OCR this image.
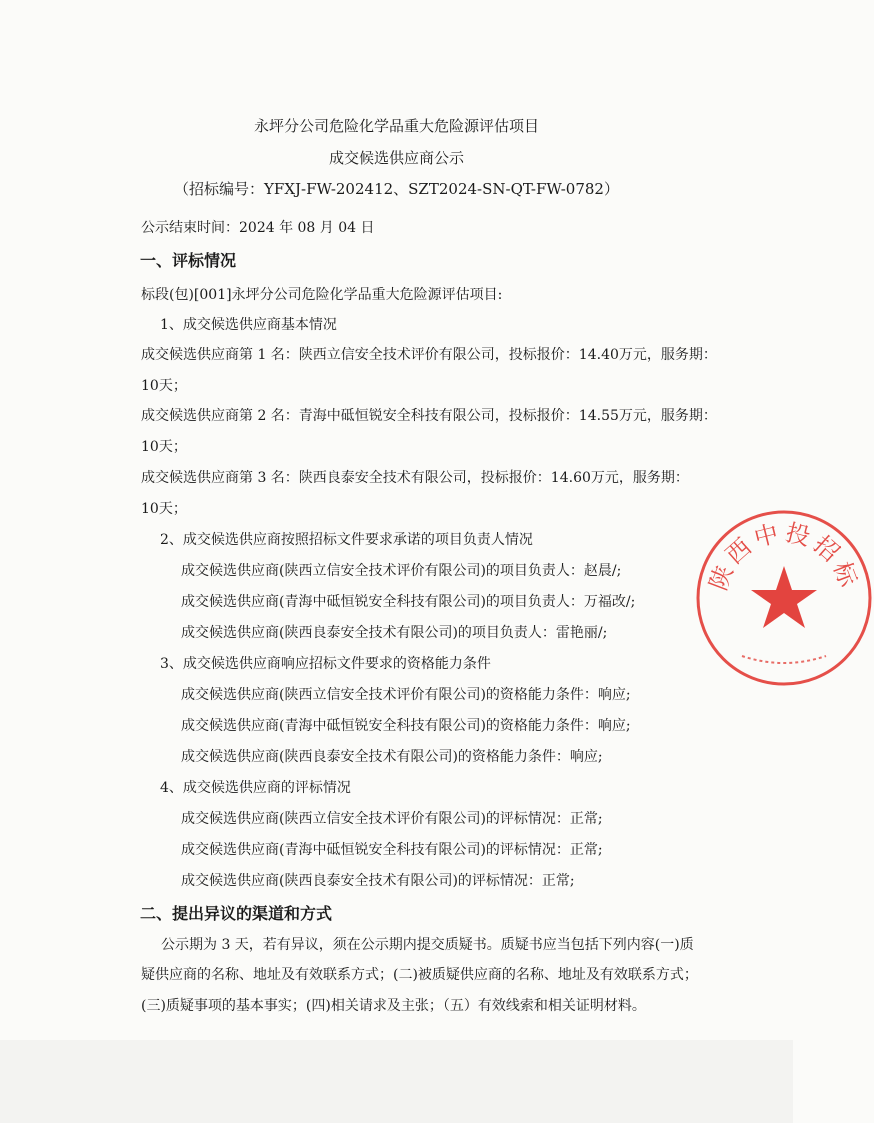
永坪分公司危险化学品重大危险源评估项目
成交候选供应商公示
（招标编号：YFXJ-FW-202412、SZT2024-SN-QT-FW-0782）
公示结束时间：2024 年 08 月 04 日
一、评标情况
标段(包)[001]永坪分公司危险化学品重大危险源评估项目:
1、成交候选供应商基本情况
成交候选供应商第 1 名：陕西立信安全技术评价有限公司，投标报价：14.40万元，服务期：
10天；
成交候选供应商第 2 名：青海中砥恒锐安全科技有限公司，投标报价：14.55万元，服务期：
10天；
成交候选供应商第 3 名：陕西良泰安全技术有限公司，投标报价：14.60万元，服务期：
10天；
2、成交候选供应商按照招标文件要求承诺的项目负责人情况
成交候选供应商(陕西立信安全技术评价有限公司)的项目负责人：赵晨/;
成交候选供应商(青海中砥恒锐安全科技有限公司)的项目负责人：万福改/;
成交候选供应商(陕西良泰安全技术有限公司)的项目负责人：雷艳丽/;
3、成交候选供应商响应招标文件要求的资格能力条件
成交候选供应商(陕西立信安全技术评价有限公司)的资格能力条件：响应;
成交候选供应商(青海中砥恒锐安全科技有限公司)的资格能力条件：响应;
成交候选供应商(陕西良泰安全技术有限公司)的资格能力条件：响应;
4、成交候选供应商的评标情况
成交候选供应商(陕西立信安全技术评价有限公司)的评标情况：正常;
成交候选供应商(青海中砥恒锐安全科技有限公司)的评标情况：正常;
成交候选供应商(陕西良泰安全技术有限公司)的评标情况：正常;
二、提出异议的渠道和方式
公示期为 3 天，若有异议，须在公示期内提交质疑书。质疑书应当包括下列内容(一)质
疑供应商的名称、地址及有效联系方式；(二)被质疑供应商的名称、地址及有效联系方式；
(三)质疑事项的基本事实；(四)相关请求及主张；（五）有效线索和相关证明材料。
陕西中投招标
